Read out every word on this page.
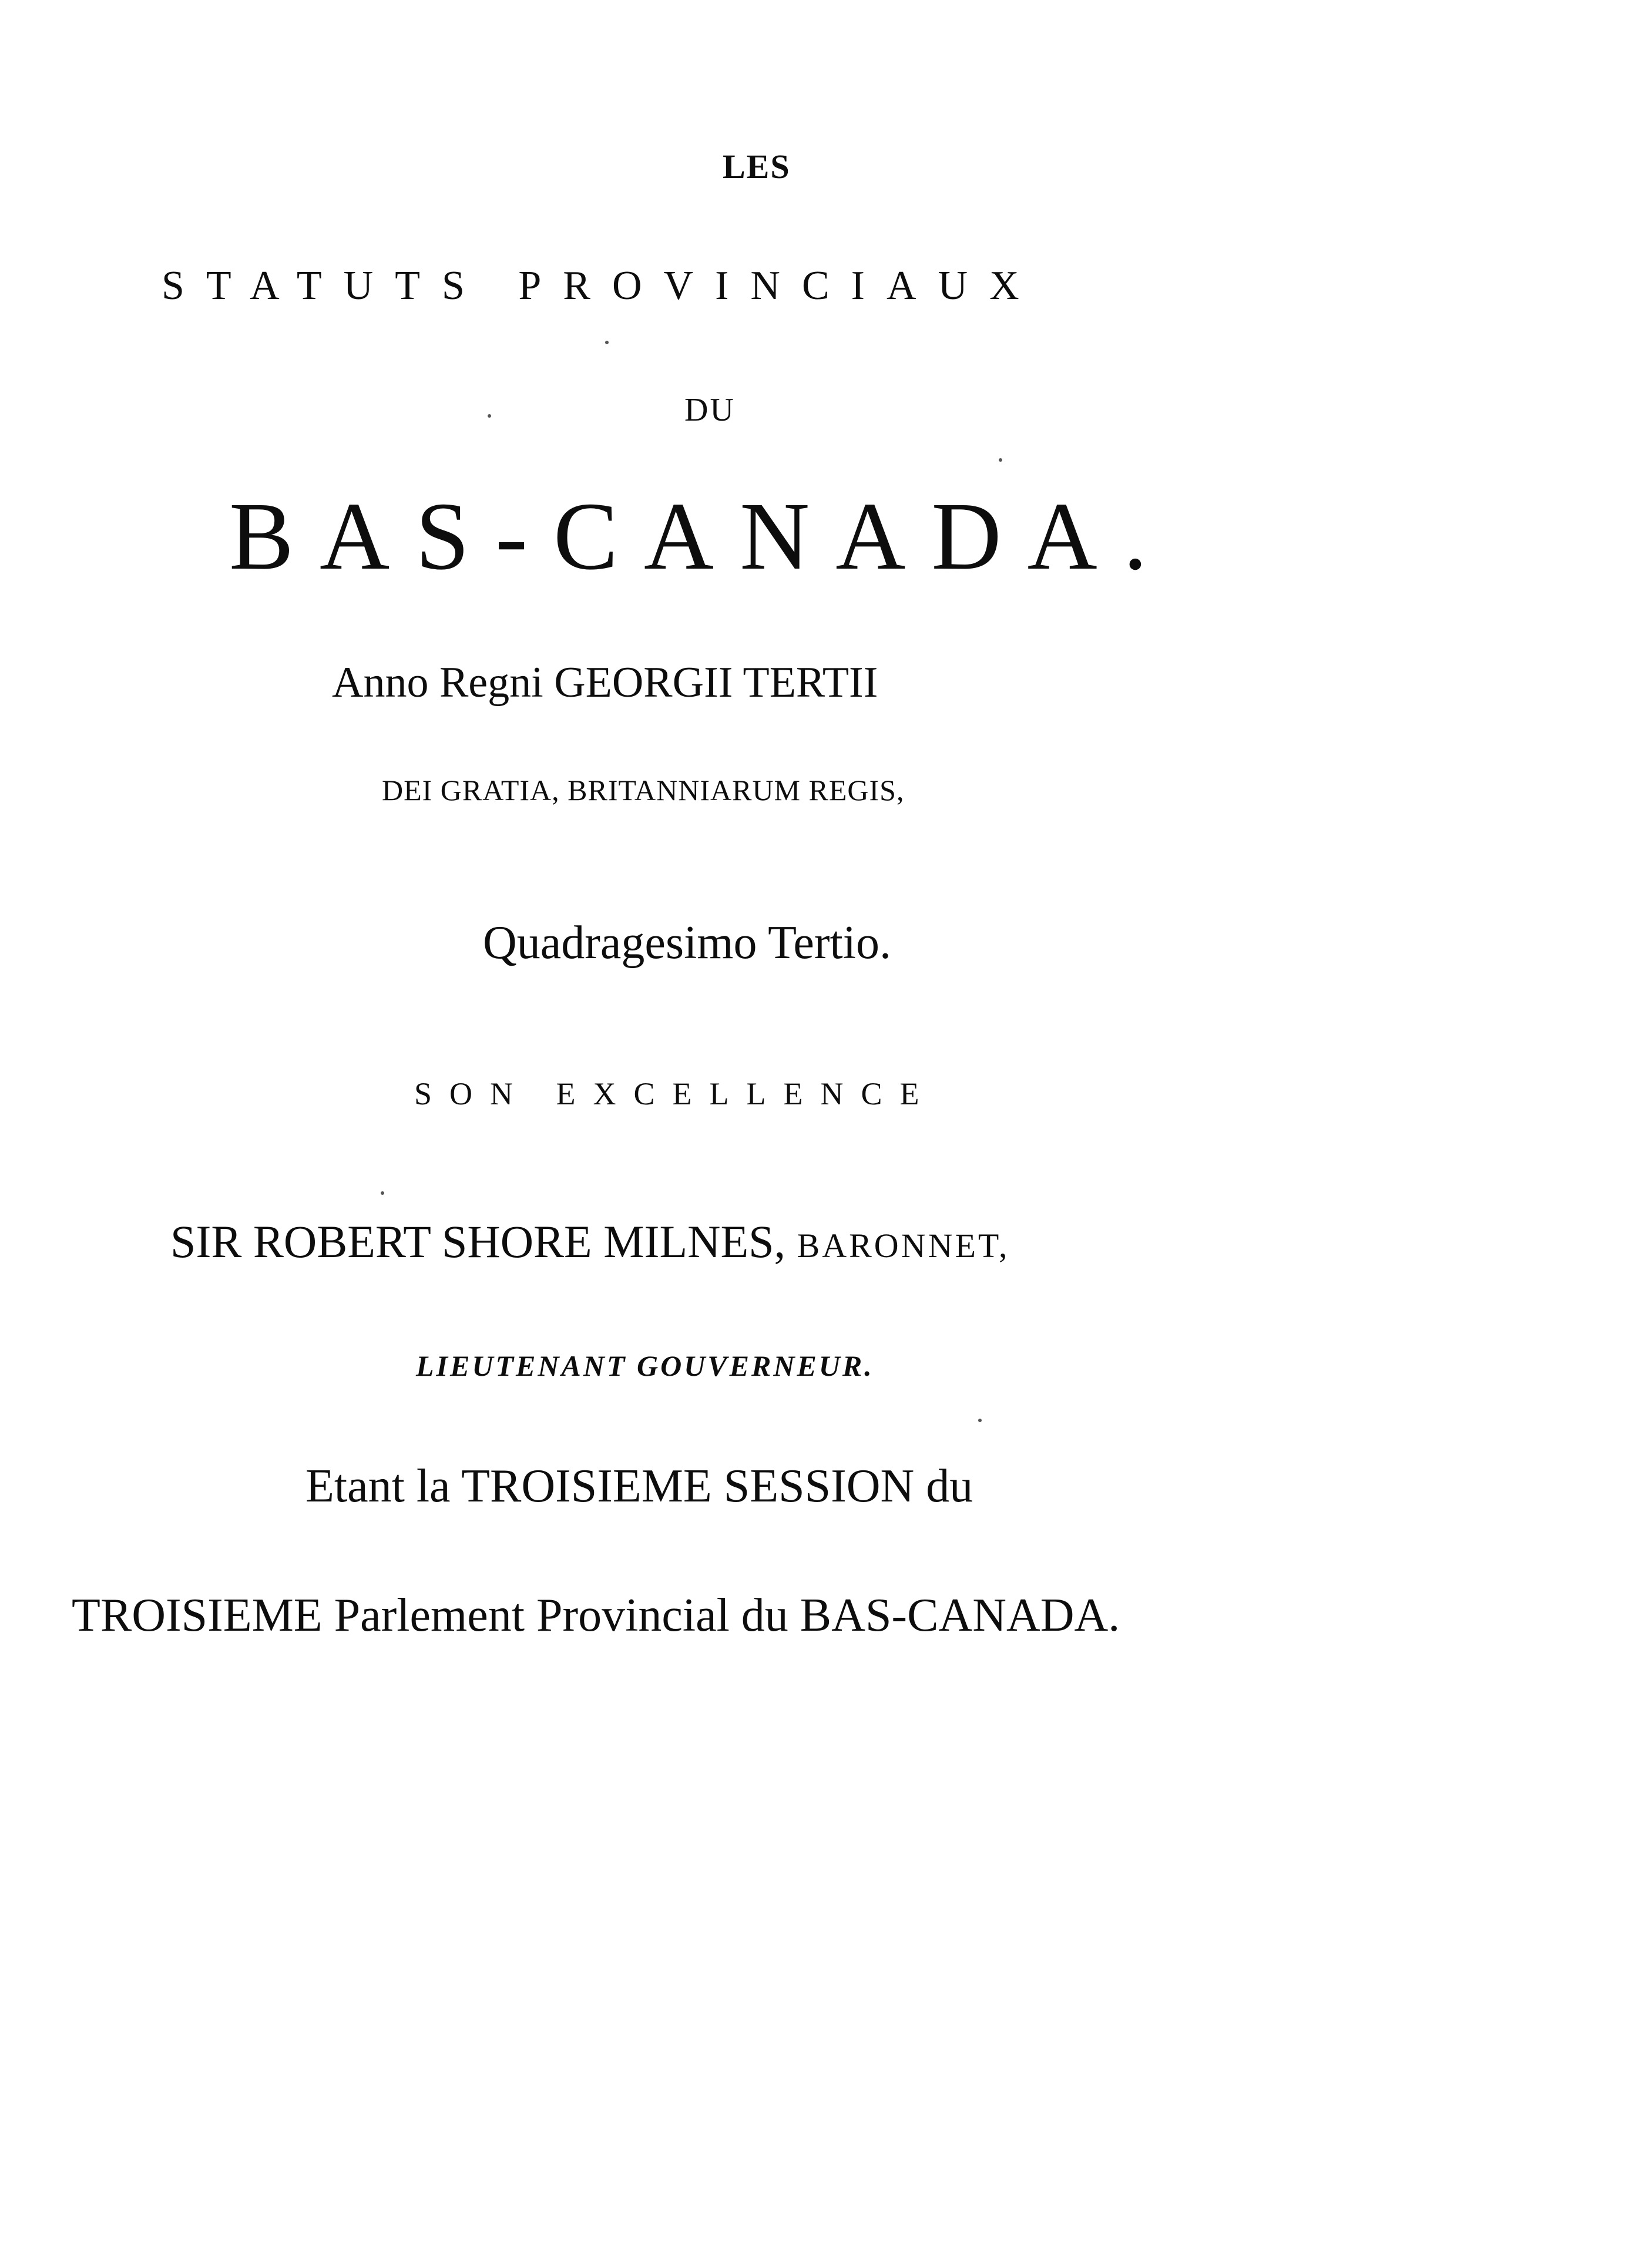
LES
STATUTS PROVINCIAUX
DU
BAS-CANADA.
Anno Regni GEORGII TERTII
DEI GRATIA, BRITANNIARUM REGIS,
Quadragesimo Tertio.
SON EXCELLENCE
SIR ROBERT SHORE MILNES, BARONNET,
LIEUTENANT GOUVERNEUR.
Etant la TROISIEME SESSION du
TROISIEME Parlement Provincial du BAS-CANADA.
